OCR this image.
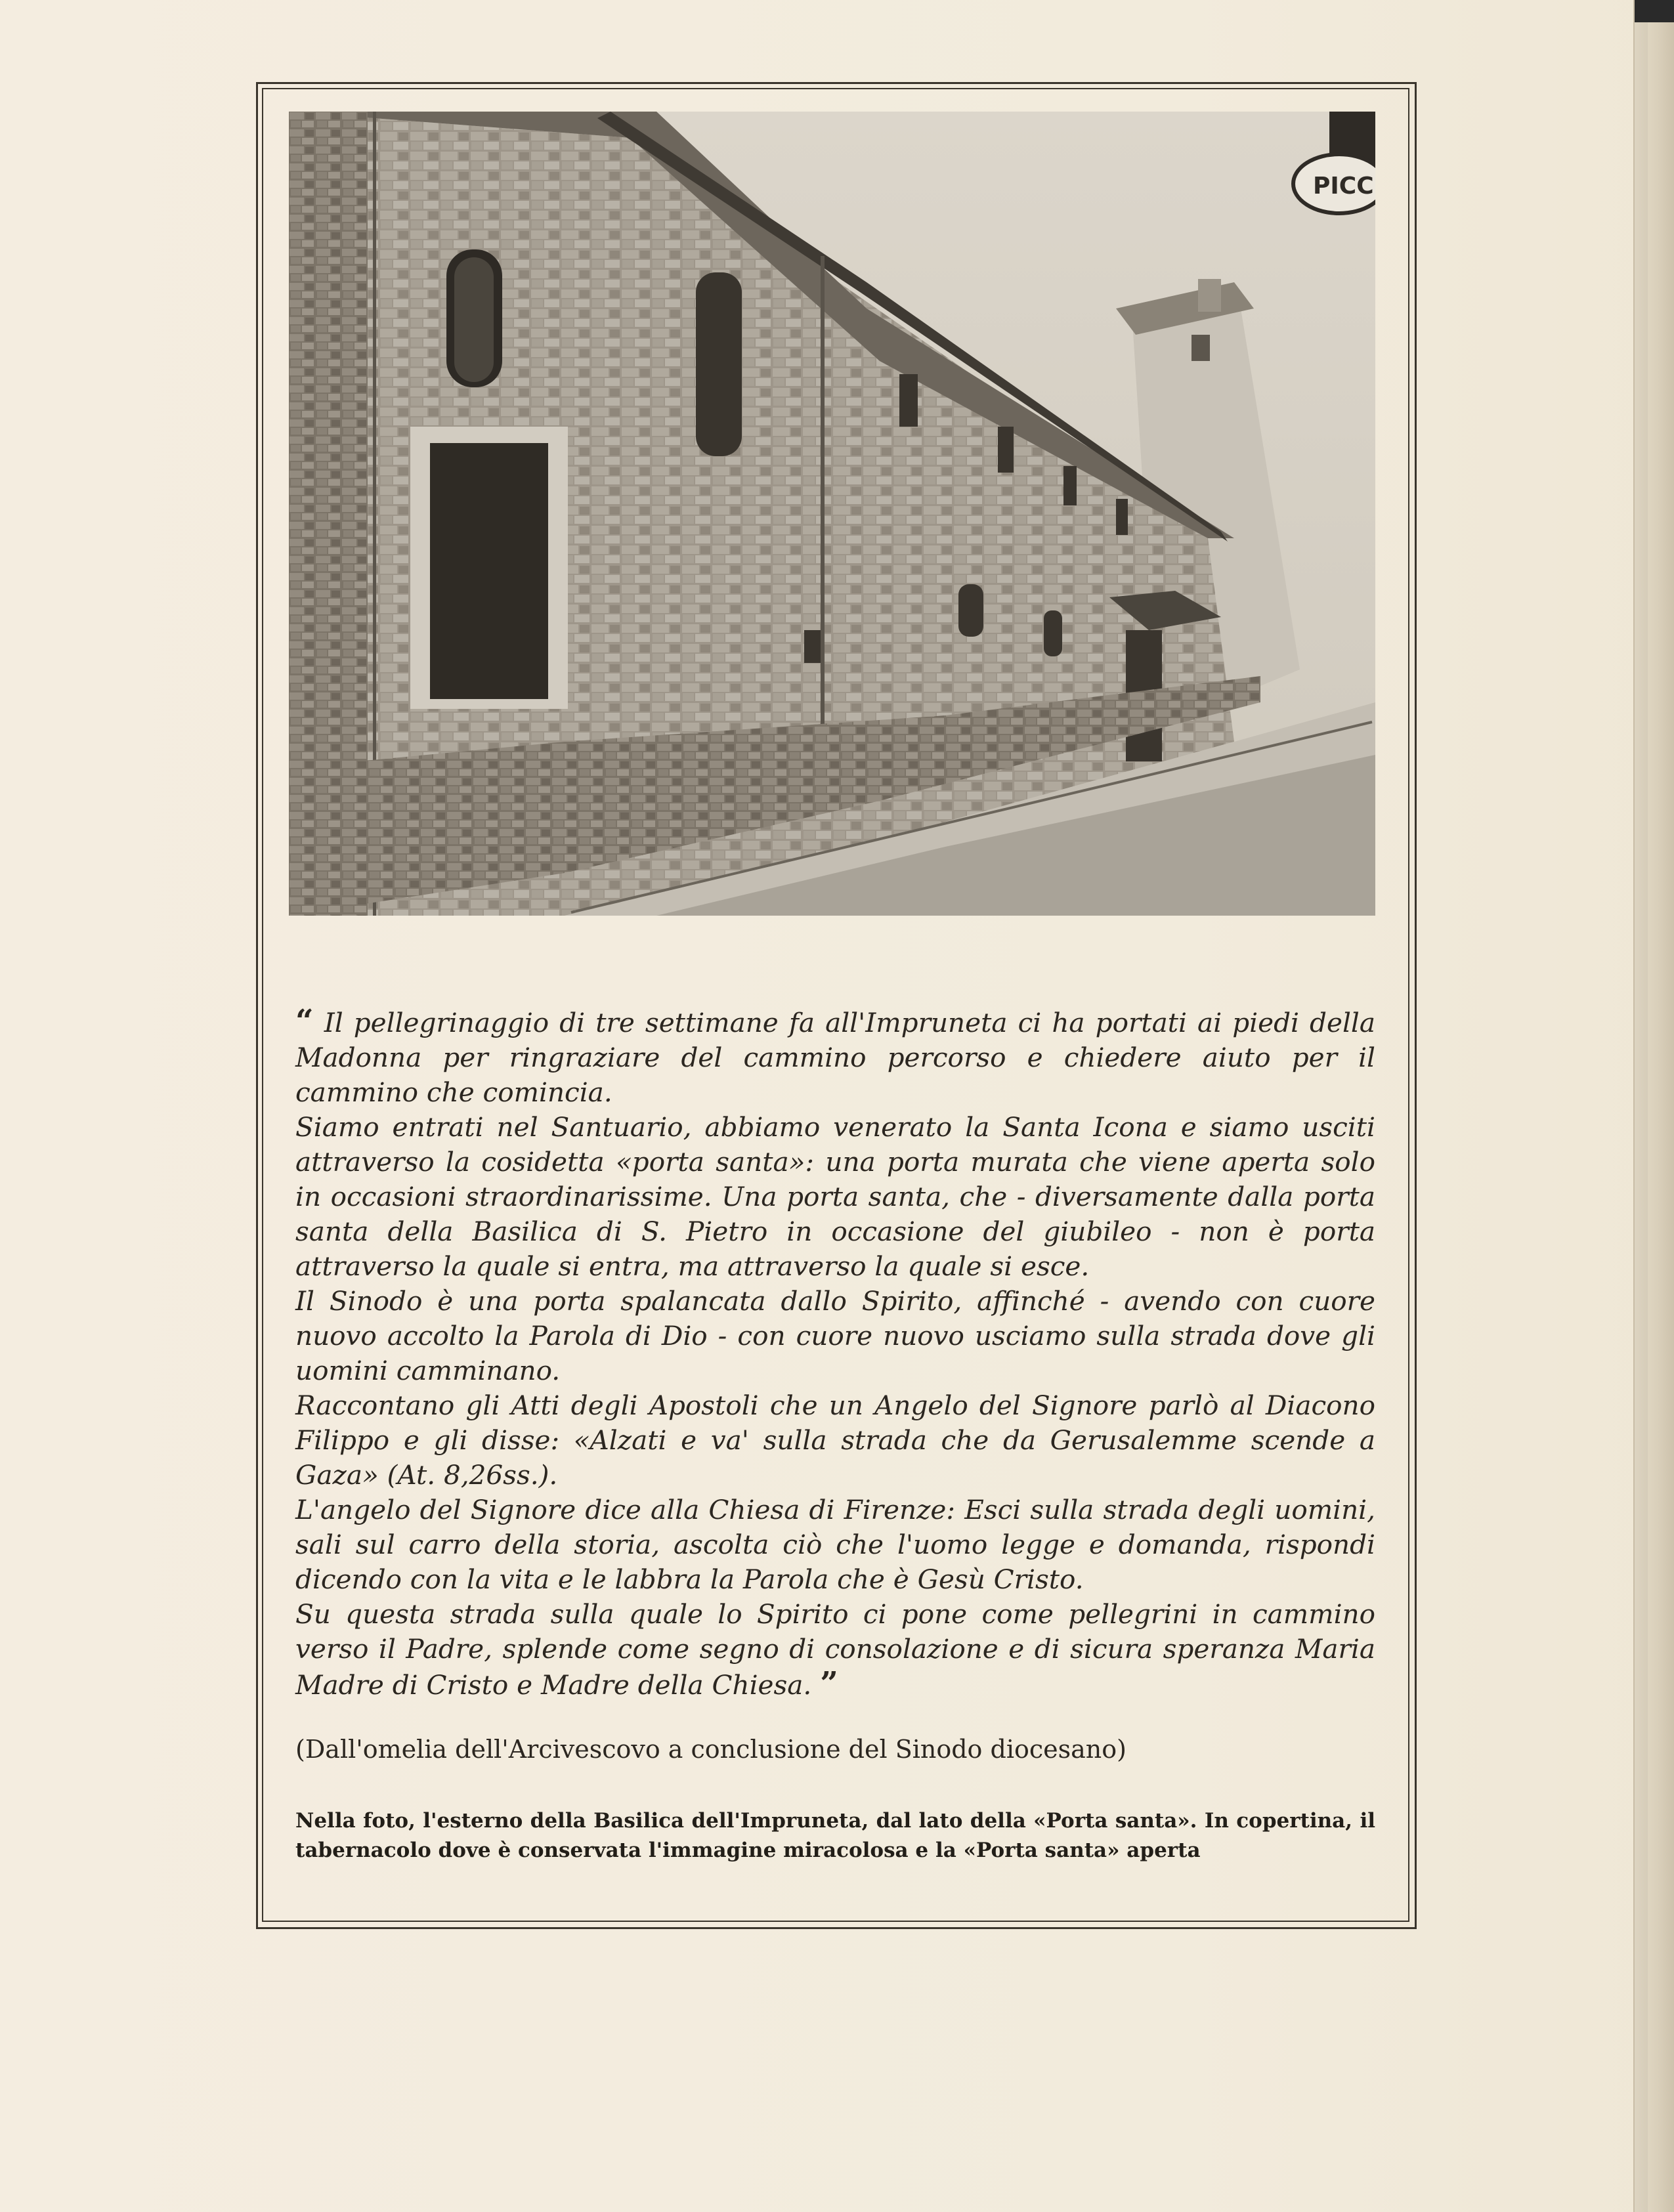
PICC

“ Il pellegrinaggio di tre settimane fa all'Impruneta ci ha portati ai piedi della Madonna per ringraziare del cammino percorso e chiedere aiuto per il cammino che comincia.

Siamo entrati nel Santuario, abbiamo venerato la Santa Icona e siamo usciti attraverso la cosidetta «porta santa»: una porta murata che viene aperta solo in occasioni straordinarissime. Una porta santa, che - diversamente dalla porta santa della Basilica di S. Pietro in occasione del giubileo - non è porta attraverso la quale si entra, ma attraverso la quale si esce.

Il Sinodo è una porta spalancata dallo Spirito, affinché - avendo con cuore nuovo accolto la Parola di Dio - con cuore nuovo usciamo sulla strada dove gli uomini camminano.

Raccontano gli Atti degli Apostoli che un Angelo del Signore parlò al Diacono Filippo e gli disse: «Alzati e va' sulla strada che da Gerusalemme scende a Gaza» (At. 8,26ss.).

L'angelo del Signore dice alla Chiesa di Firenze: Esci sulla strada degli uomini, sali sul carro della storia, ascolta ciò che l'uomo legge e domanda, rispondi dicendo con la vita e le labbra la Parola che è Gesù Cristo.

Su questa strada sulla quale lo Spirito ci pone come pellegrini in cammino verso il Padre, splende come segno di consolazione e di sicura speranza Maria Madre di Cristo e Madre della Chiesa. ”

(Dall'omelia dell'Arcivescovo a conclusione del Sinodo diocesano)
Nella foto, l'esterno della Basilica dell'Impruneta, dal lato della «Porta santa». In copertina, il tabernacolo dove è conservata l'immagine miracolosa e la «Porta santa» aperta
